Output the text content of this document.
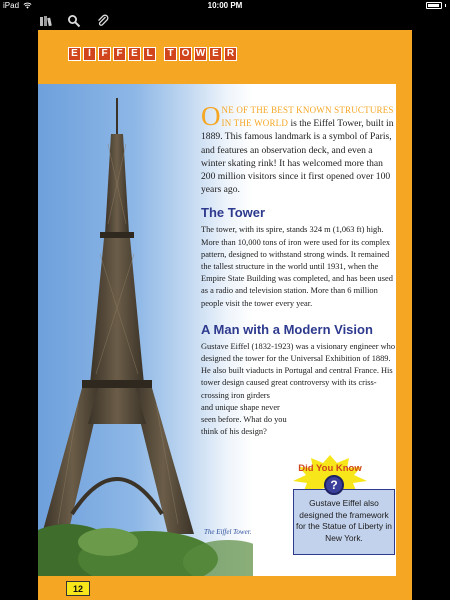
iPad	10:00 PM
E	I	F F E L	T O W E R
The Eiffel Tower.

ONE OF THE BEST KNOWN STRUCTURES IN THE WORLD is the Eiffel Tower, built in 1889. This famous landmark is a symbol of Paris, and features an observation deck, and even a winter skating rink! It has welcomed more than 200 million visitors since it first opened over 100 years ago.

The Tower

The tower, with its spire, stands 324 m (1,063 ft) high. More than 10,000 tons of iron were used for its complex pattern, designed to withstand strong winds. It remained the tallest structure in the world until 1931, when the Empire State Building was completed, and has been used as a radio and television station. More than 6 million people visit the tower every year.

A Man with a Modern Vision

Gustave Eiffel (1832-1923) was a visionary engineer who designed the tower for the Universal Exhibition of 1889. He also built viaducts in Portugal and central France. His tower design caused great controversy with its criss-crossing iron girders

and unique shape never seen before. What do you think of his design?

Did You Know
?
Gustave Eiffel also designed the framework for the Statue of Liberty in New York.
12
